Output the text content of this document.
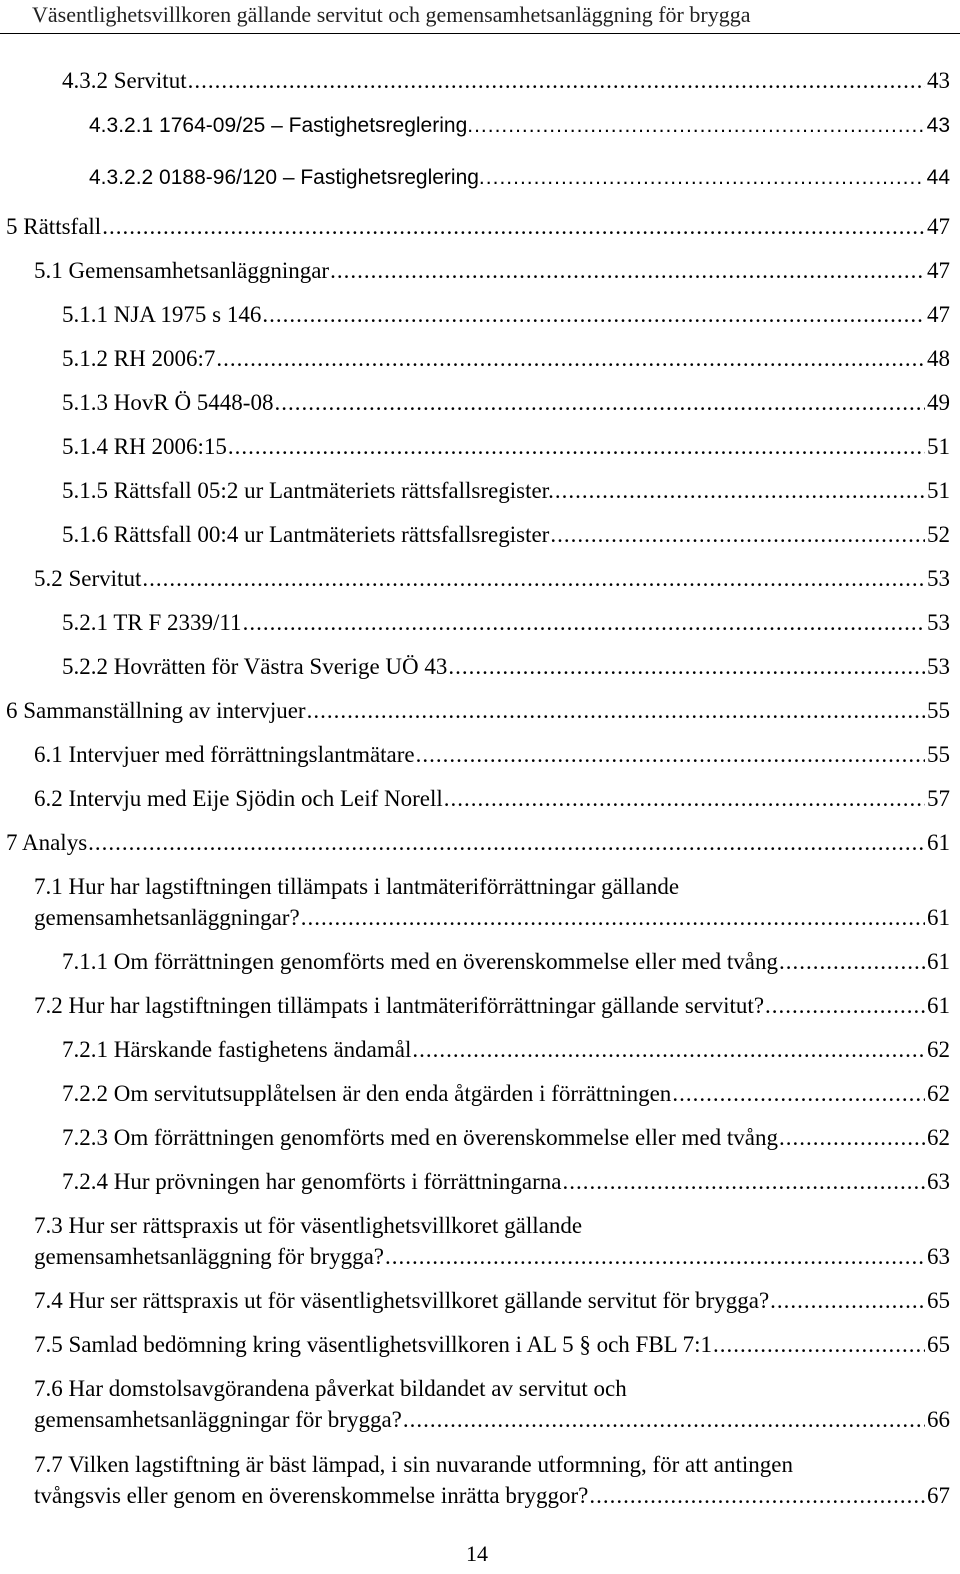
Väsentlighetsvillkoren gällande servitut och gemensamhetsanläggning för brygga
4.3.2 Servitut .....	43
4.3.2.1 1764-09/25 – Fastighetsreglering. .....	43
4.3.2.2 0188-96/120 – Fastighetsreglering. .....	44
5 Rättsfall .....	47
5.1 Gemensamhetsanläggningar .....	47
5.1.1 NJA 1975 s 146 .....	47
5.1.2 RH 2006:7 .....	48
5.1.3 HovR Ö 5448-08 .....	49
5.1.4 RH 2006:15 .....	51
5.1.5 Rättsfall 05:2 ur Lantmäteriets rättsfallsregister. .....	51
5.1.6 Rättsfall 00:4 ur Lantmäteriets rättsfallsregister .....	52
5.2 Servitut .....	53
5.2.1 TR F 2339/11 .....	53
5.2.2 Hovrätten för Västra Sverige UÖ 43 .....	53
6 Sammanställning av intervjuer .....	55
6.1 Intervjuer med förrättningslantmätare .....	55
6.2 Intervju med Eije Sjödin och Leif Norell .....	57
7 Analys .....	61
7.1 Hur har lagstiftningen tillämpats i lantmäteriförrättningar gällande
gemensamhetsanläggningar? .....	61
7.1.1 Om förrättningen genomförts med en överenskommelse eller med tvång .....	61
7.2 Hur har lagstiftningen tillämpats i lantmäteriförrättningar gällande servitut? .....	61
7.2.1 Härskande fastighetens ändamål .....	62
7.2.2 Om servitutsupplåtelsen är den enda åtgärden i förrättningen .....	62
7.2.3 Om förrättningen genomförts med en överenskommelse eller med tvång .....	62
7.2.4 Hur prövningen har genomförts i förrättningarna .....	63
7.3 Hur ser rättspraxis ut för väsentlighetsvillkoret gällande
gemensamhetsanläggning för brygga? .....	63
7.4 Hur ser rättspraxis ut för väsentlighetsvillkoret gällande servitut för brygga? .....	65
7.5 Samlad bedömning kring väsentlighetsvillkoren i AL 5 § och FBL 7:1 .....	65
7.6 Har domstolsavgörandena påverkat bildandet av servitut och
gemensamhetsanläggningar för brygga? .....	66
7.7 Vilken lagstiftning är bäst lämpad, i sin nuvarande utformning, för att antingen
tvångsvis eller genom en överenskommelse inrätta bryggor? .....	67
14
